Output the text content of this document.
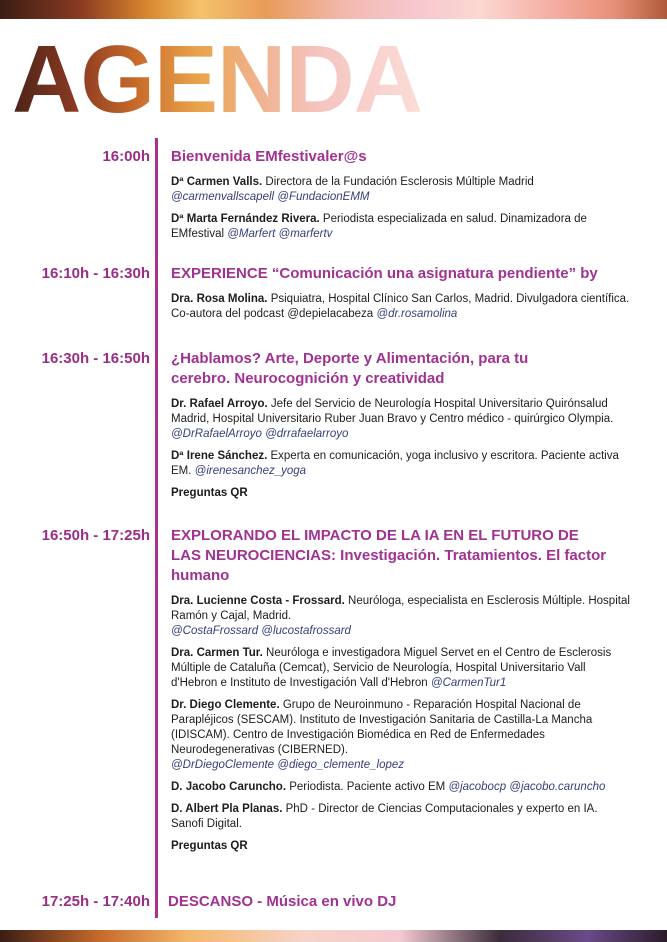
AGENDA
16:00h Bienvenida EMfestivaler@s
Dª Carmen Valls. Directora de la Fundación Esclerosis Múltiple Madrid
@carmenvallscapell @FundacionEMM
Dª Marta Fernández Rivera. Periodista especializada en salud. Dinamizadora de EMfestival @Marfert @marfertv
16:10h - 16:30h EXPERIENCE “Comunicación una asignatura pendiente” by
Dra. Rosa Molina. Psiquiatra, Hospital Clínico San Carlos, Madrid. Divulgadora científica. Co-autora del podcast @depielacabeza @dr.rosamolina
16:30h - 16:50h ¿Hablamos? Arte, Deporte y Alimentación, para tu cerebro. Neurocognición y creatividad
Dr. Rafael Arroyo. Jefe del Servicio de Neurología Hospital Universitario Quirónsalud Madrid, Hospital Universitario Ruber Juan Bravo y Centro médico - quirúrgico Olympia. @DrRafaelArroyo @drrafaelarroyo
Dª Irene Sánchez. Experta en comunicación, yoga inclusivo y escritora. Paciente activa EM. @irenesanchez_yoga
Preguntas QR
16:50h - 17:25h EXPLORANDO EL IMPACTO DE LA IA EN EL FUTURO DE LAS NEUROCIENCIAS: Investigación. Tratamientos. El factor humano
Dra. Lucienne Costa - Frossard. Neuróloga, especialista en Esclerosis Múltiple. Hospital Ramón y Cajal, Madrid.
@CostaFrossard @lucostafrossard
Dra. Carmen Tur. Neuróloga e investigadora Miguel Servet en el Centro de Esclerosis Múltiple de Cataluña (Cemcat), Servicio de Neurología, Hospital Universitario Vall d'Hebron e Instituto de Investigación Vall d'Hebron @CarmenTur1
Dr. Diego Clemente. Grupo de Neuroinmuno - Reparación Hospital Nacional de Parapléjicos (SESCAM). Instituto de Investigación Sanitaria de Castilla-La Mancha (IDISCAM). Centro de Investigación Biomédica en Red de Enfermedades Neurodegenerativas (CIBERNED).
@DrDiegoClemente @diego_clemente_lopez
D. Jacobo Caruncho. Periodista. Paciente activo EM @jacobocp @jacobo.caruncho
D. Albert Pla Planas. PhD - Director de Ciencias Computacionales y experto en IA. Sanofi Digital.
Preguntas QR
17:25h - 17:40h DESCANSO - Música en vivo DJ
